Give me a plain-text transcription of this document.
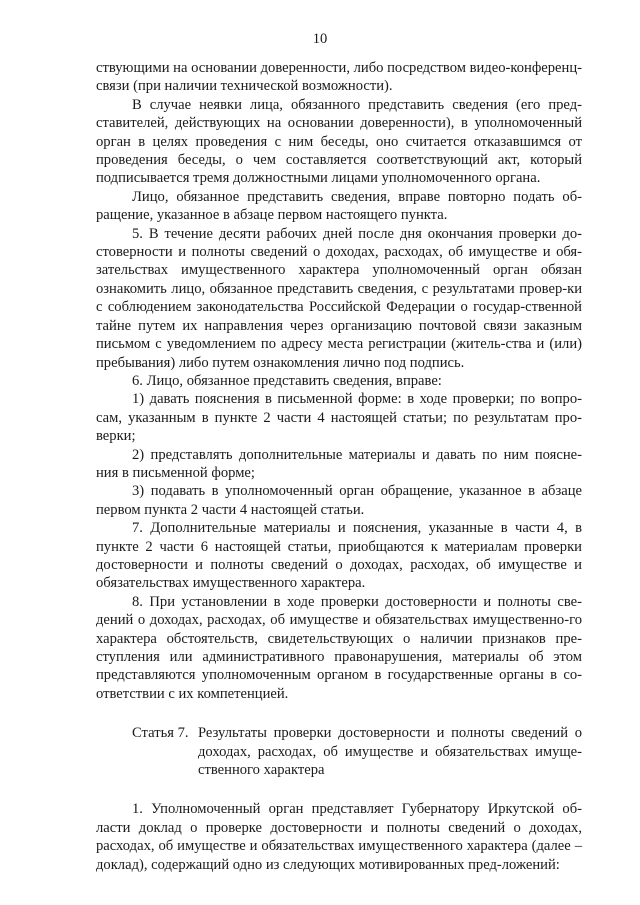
10

ствующими на основании доверенности, либо посредством видео-конференц-связи (при наличии технической возможности).

В случае неявки лица, обязанного представить сведения (его пред-ставителей, действующих на основании доверенности), в уполномоченный орган в целях проведения с ним беседы, оно считается отказавшимся от проведения беседы, о чем составляется соответствующий акт, который подписывается тремя должностными лицами уполномоченного органа.

Лицо, обязанное представить сведения, вправе повторно подать об-ращение, указанное в абзаце первом настоящего пункта.

5. В течение десяти рабочих дней после дня окончания проверки до-стоверности и полноты сведений о доходах, расходах, об имуществе и обя-зательствах имущественного характера уполномоченный орган обязан ознакомить лицо, обязанное представить сведения, с результатами провер-ки с соблюдением законодательства Российской Федерации о государ-ственной тайне путем их направления через организацию почтовой связи заказным письмом с уведомлением по адресу места регистрации (житель-ства и (или) пребывания) либо путем ознакомления лично под подпись.

6. Лицо, обязанное представить сведения, вправе:

1) давать пояснения в письменной форме: в ходе проверки; по вопро-сам, указанным в пункте 2 части 4 настоящей статьи; по результатам про-верки;

2) представлять дополнительные материалы и давать по ним поясне-ния в письменной форме;

3) подавать в уполномоченный орган обращение, указанное в абзаце первом пункта 2 части 4 настоящей статьи.

7. Дополнительные материалы и пояснения, указанные в части 4, в пункте 2 части 6 настоящей статьи, приобщаются к материалам проверки достоверности и полноты сведений о доходах, расходах, об имуществе и обязательствах имущественного характера.

8. При установлении в ходе проверки достоверности и полноты све-дений о доходах, расходах, об имуществе и обязательствах имущественно-го характера обстоятельств, свидетельствующих о наличии признаков пре-ступления или административного правонарушения, материалы об этом представляются уполномоченным органом в государственные органы в со-ответствии с их компетенцией.

Статья 7. Результаты проверки достоверности и полноты сведений о доходах, расходах, об имуществе и обязательствах имуще-ственного характера

1. Уполномоченный орган представляет Губернатору Иркутской об-ласти доклад о проверке достоверности и полноты сведений о доходах, расходах, об имуществе и обязательствах имущественного характера (далее – доклад), содержащий одно из следующих мотивированных пред-ложений:
